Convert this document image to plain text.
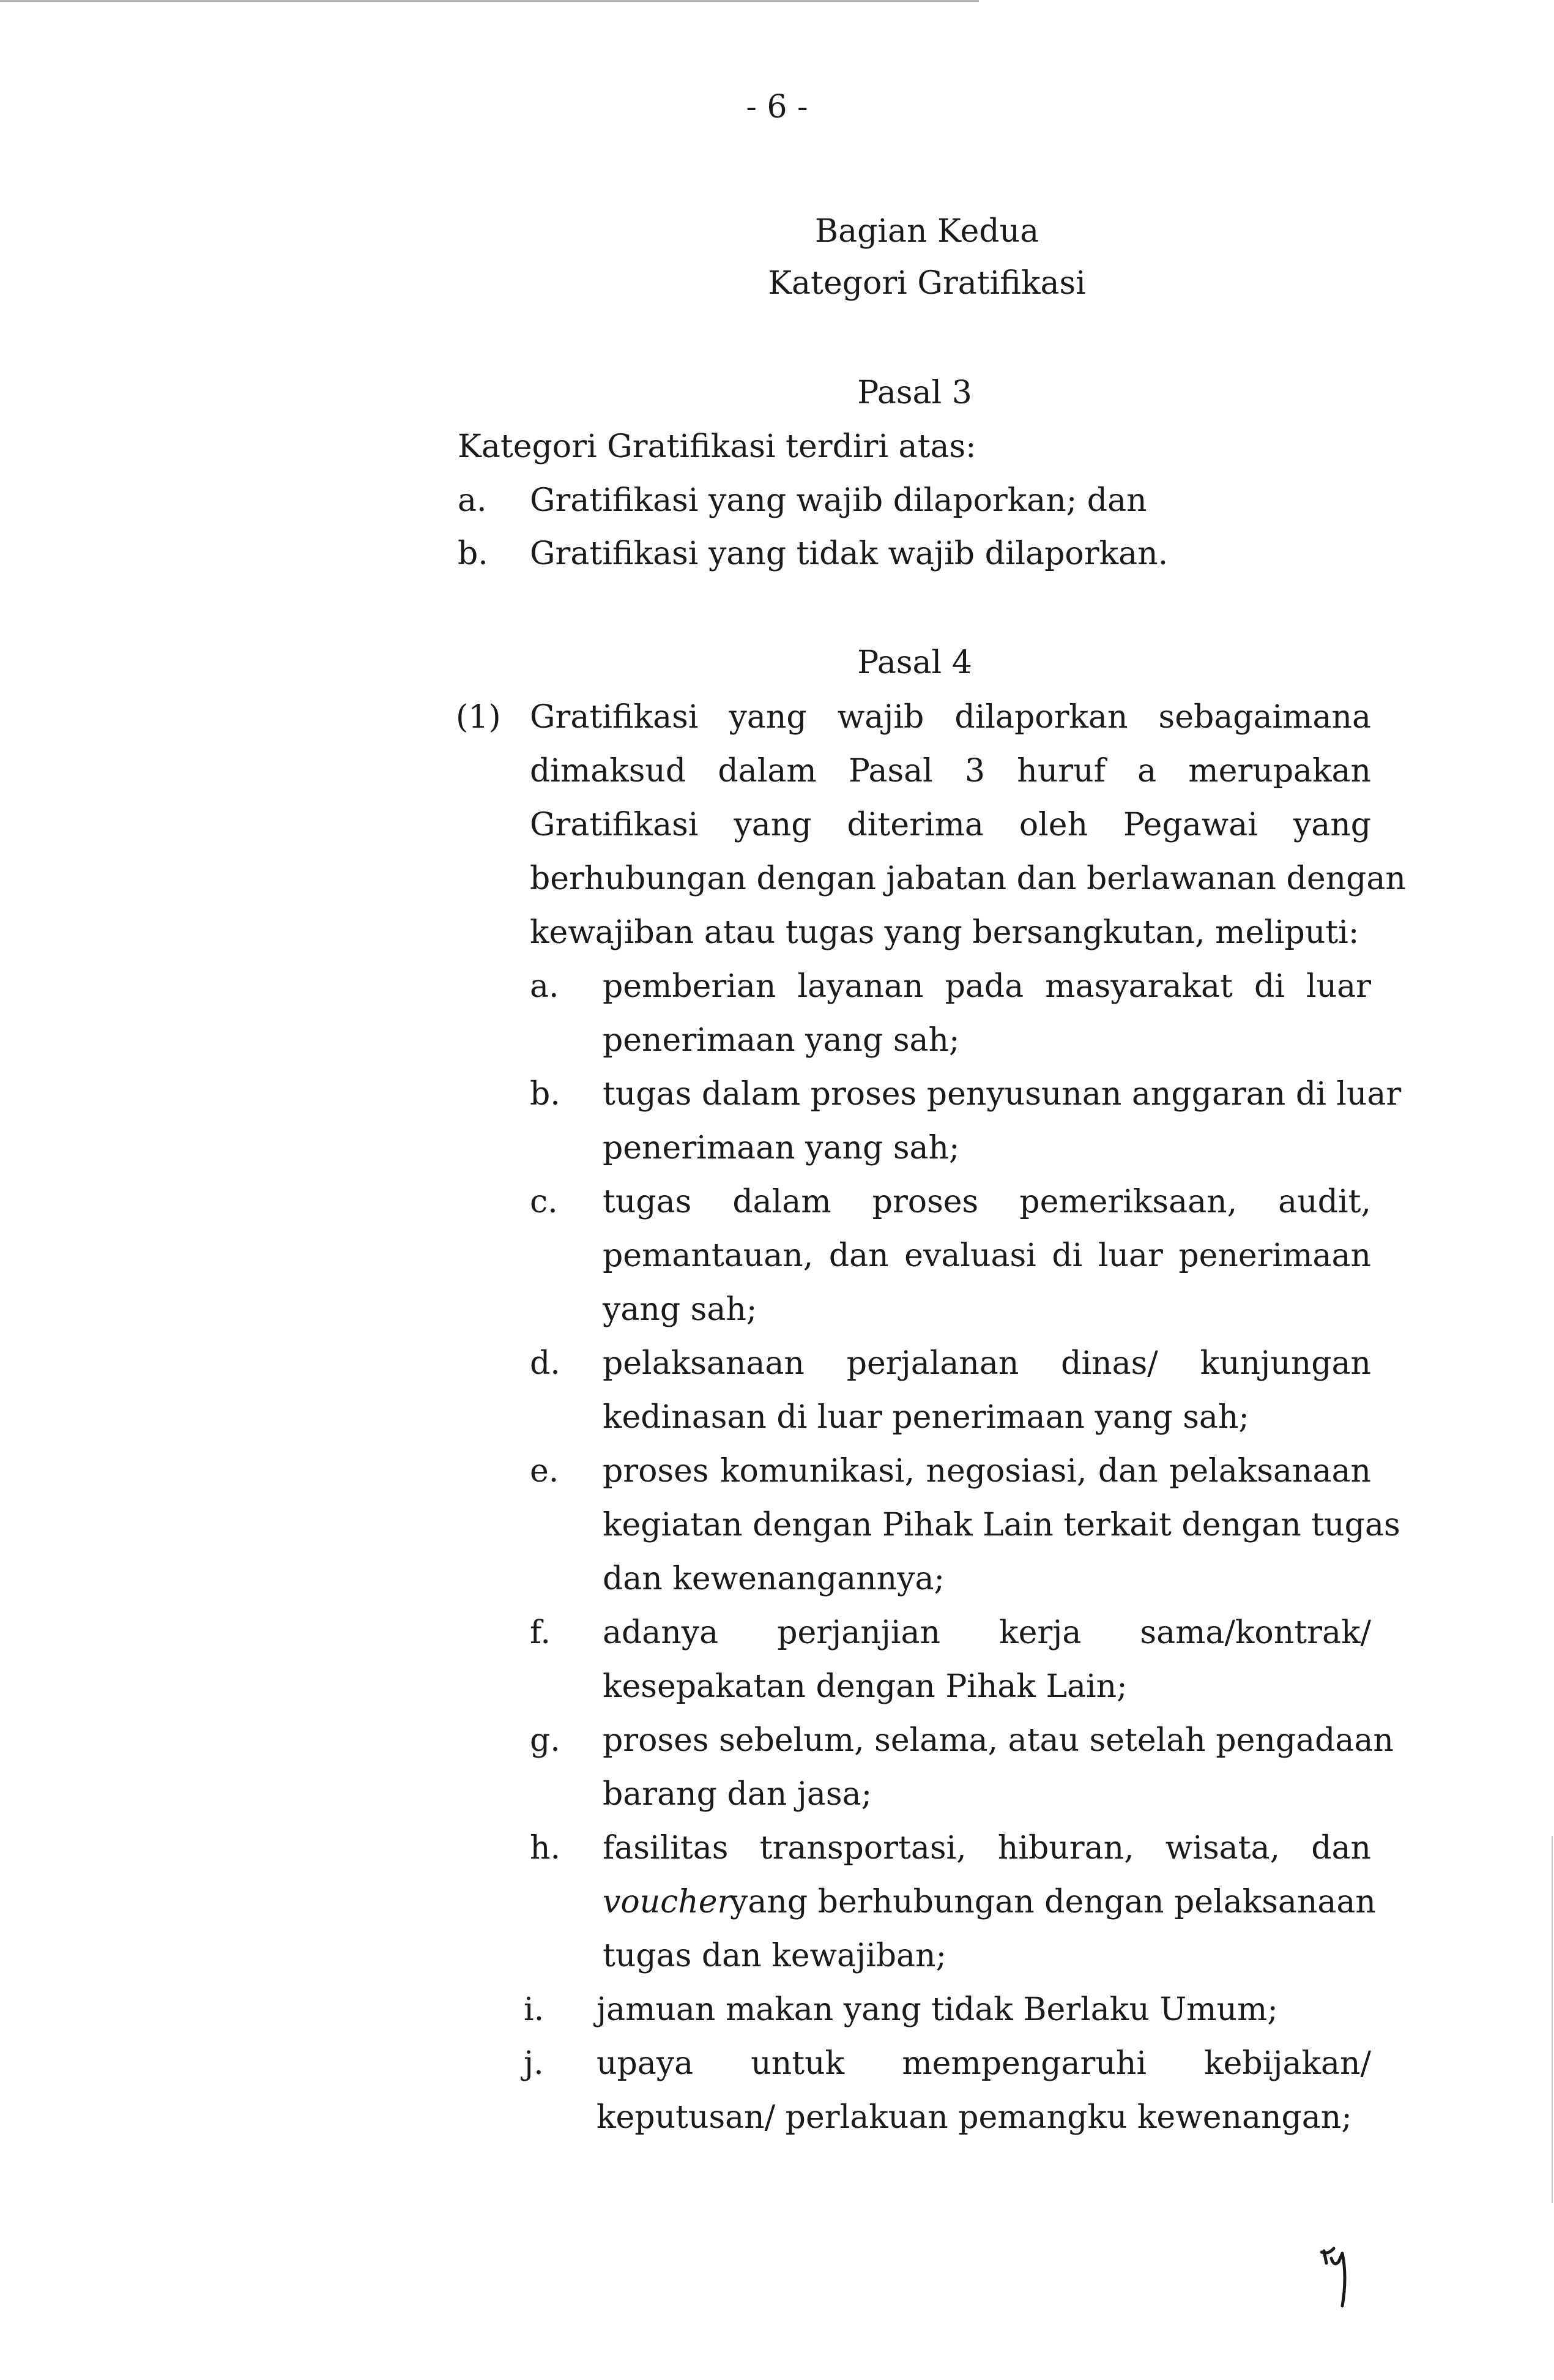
- 6 -
Bagian Kedua
Kategori Gratifikasi
Pasal 3
Kategori Gratifikasi terdiri atas:
a. Gratifikasi yang wajib dilaporkan; dan
b. Gratifikasi yang tidak wajib dilaporkan.
Pasal 4
(1) Gratifikasi yang wajib dilaporkan sebagaimana
dimaksud dalam Pasal 3 huruf a merupakan
Gratifikasi yang diterima oleh Pegawai yang
berhubungan dengan jabatan dan berlawanan dengan
kewajiban atau tugas yang bersangkutan, meliputi:
a. pemberian layanan pada masyarakat di luar
penerimaan yang sah;
b. tugas dalam proses penyusunan anggaran di luar
penerimaan yang sah;
c. tugas dalam proses pemeriksaan, audit,
pemantauan, dan evaluasi di luar penerimaan
yang sah;
d. pelaksanaan perjalanan dinas/ kunjungan
kedinasan di luar penerimaan yang sah;
e. proses komunikasi, negosiasi, dan pelaksanaan
kegiatan dengan Pihak Lain terkait dengan tugas
dan kewenangannya;
f. adanya perjanjian kerja sama/kontrak/
kesepakatan dengan Pihak Lain;
g. proses sebelum, selama, atau setelah pengadaan
barang dan jasa;
h. fasilitas transportasi, hiburan, wisata, dan
voucher
yang berhubungan dengan pelaksanaan
tugas dan kewajiban;
i. jamuan makan yang tidak Berlaku Umum;
j. upaya untuk mempengaruhi kebijakan/
keputusan/ perlakuan pemangku kewenangan;
